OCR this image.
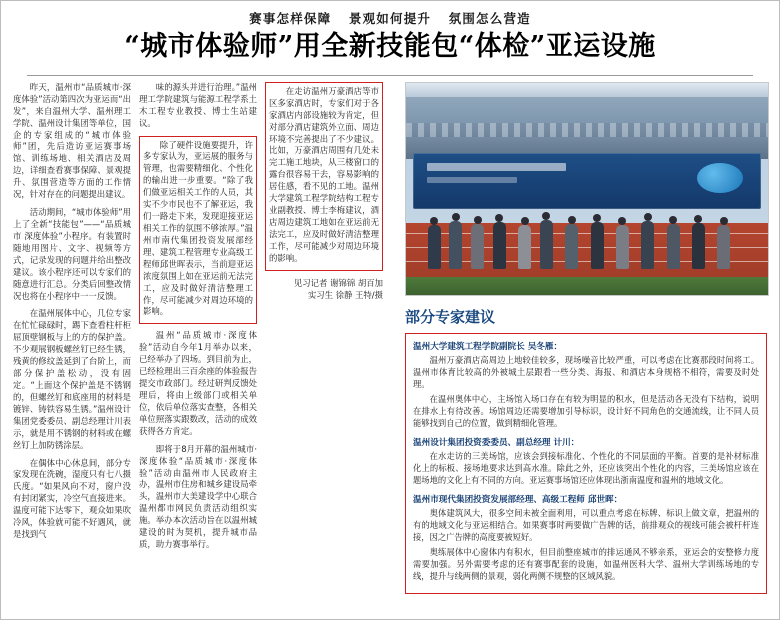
赛事怎样保障 景观如何提升 氛围怎么营造
“城市体验师”用全新技能包“体检”亚运设施

昨天，温州市“品质城市·深度体验”活动第四次为亚运而“出发”，来自温州大学、温州理工学院、温州设计集团等单位，国企的专家组成的“城市体验师”团，先后造访亚运赛事场馆、训练场地、相关酒店及周边，详细查看赛事保障、景观提升、氛围营造等方面的工作情况，针对存在的问题提出建议。

活动期间，“城市体验师”用上了全新“技能包”——“品质城市 深度体验”小程序。有装置时随地用图片、文字、视频等方式，记录发现的问题并给出整改建议。该小程序还可以专家们的随意进行汇总。分类后回整改情况也将在小程序中一一反馈。

在温州展体中心，几位专家在忙忙碌碌时，踢下查看柱杆柜屈顶壁钢板与上的方的保护盖。不少观展钢板螺丝钉已经生锈，残黄的修纹盖延到了台阶上，而部分保护盖松动，没有固定。“上面这个保护盖是不锈钢的，但螺丝钉和底座用的材料是镀锌、铸铁容易生锈。”温州设计集团党委委员、副总经理计川表示，就是用不锈钢的材料或在螺丝钉上加防锈涂层。

在偶体中心休息间，部分专家发现在洗碗，湿度只有七八摄氏度。“如果风向不对，窗户没有封闭紧实，冷空气直接进来。温度可能下达零下，观众如果吹冷风，体验就可能不好遇风，就是找到气

味的源头并进行治理。”温州理工学院建筑与能源工程学系土木工程专业教授、博士生站建议。

除了硬件设施要提升，许多专家认为，亚运展的服务与管理，也需要精细化、个性化的输出进一步重要。“除了我们做亚运相关工作的人员，其实不少市民也不了解亚运，我们一路走下来，发现迎接亚运相关工作的氛围不够浓厚。”温州市南代集团投资发展部经理、建筑工程管理专业高级工程师邱世晖表示，当前迎亚运浓度氛围上如在亚运前无法完工，应及时做好清洁整理工作，尽可能减少对周边环境的影响。

温州“品质城市·深度体验”活动自今年1月举办以来，已经举办了四场。到目前为止，已经检理出三百余座的体验报告提交市政部门。经过研判反馈处理后，将由上级部门或相关单位，依后单位落实查整，各相关单位照落实跟数改，活动的成效获得各方肯定。

即将于8月开幕的温州城市·深度体验“品质城市·深度体验”活动由温州市人民政府主办，温州市住房和城乡建设局牵头，温州市大美建设学中心联合温州都市网民负责活动组织实施。举办本次活动旨在以温州城建设的时为契机，提升城市品质，助力赛事举行。

在走访温州万豪酒店等市区多家酒店时，专家们对于各家酒店内部设施较为肯定，但对部分酒店建筑外立面、周边环境不完善提出了不少建议。比如，万豪酒店周围有几处未完工施工地块，从三楼窗口的露台很容易干去，容易影响的居住感，看不见的工地。温州大学建筑工程学院结构工程专业副教授、博士李梅建议，酒店周边建筑工地如在亚运前无法完工，应及时做好清洁整理工作，尽可能减少对周边环境的影响。

见习记者 谢锦锦 胡百加
实习生 徐静 王特/摄
部分专家建议
温州大学建筑工程学院副院长 吴冬雁：
温州万豪酒店高周边上地较佳较多，现场噪音比较严重，可以考虑在比赛那段时间将工。温州市体育比较高的外被城土层跟看一些分类、海报、和酒店本身规格不相符，需要及时处理。
在温州奥体中心，主场馆入场口存在有较为明显的积水，但是活动各无没有下结构，说明在排水上有待改善。场馆周边还需要增加引导标识，设计好不同角色的交通流线，让不同人员能够找到自己的位置，做到精细化管理。
温州设计集团投资委委员、副总经理 计川：
在水走访的三美场馆，应该会到接标准化、个性化的不同层面的平衡。首要的是补材标准化上的标板、接场地要求达到高水准。除此之外，还应该突出个性化的内容，三美场馆应该在题场地的文化上有不同的方向。亚运赛事场馆还应体现出浙南温度和温州的地域文化。
温州市现代集团投资发展部经理、高级工程师 邱世晖：
奥体建筑风大，很多空间未被全面利用，可以重点考虑在标牌、标识上做文章，把温州的有的地域文化与亚运相结合。如果赛事时两要做广告牌的话，前排观众的视线可能会被杆杆连接，因之广告牌的高度要被短好。
奥练展体中心窗体内有积水，但目前整座城市的排运通风不够亲系，亚运会的安整修力度需要加强。另外需要考虑的还有赛事配套的设施，如温州医科大学、温州大学训练场地的专线，提升与线两侧的景观，弱化两侧不规整的区域风貌。
